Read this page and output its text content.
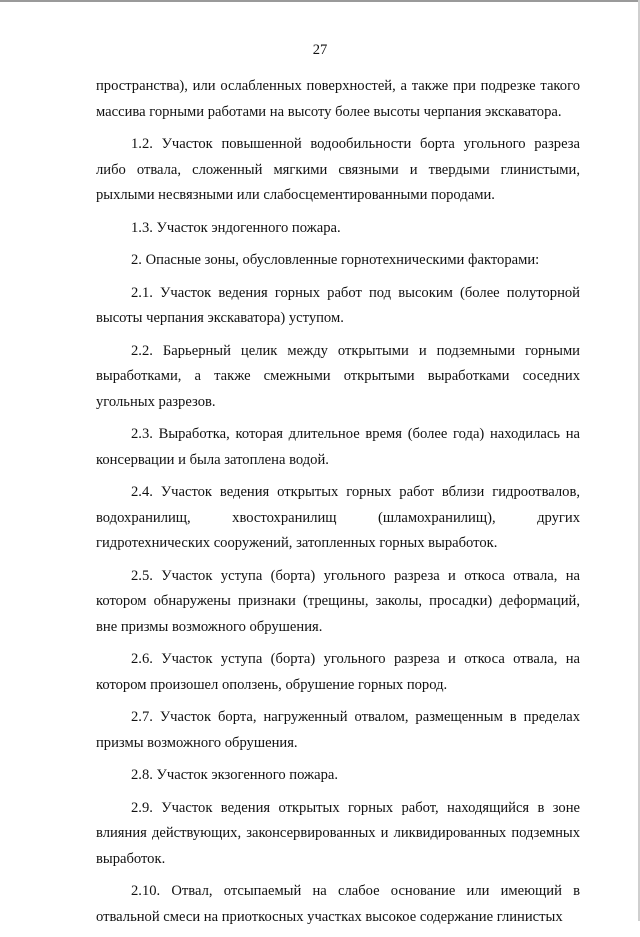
27

пространства), или ослабленных поверхностей, а также при подрезке такого массива горными работами на высоту более высоты черпания экскаватора.

1.2. Участок повышенной водообильности борта угольного разреза либо отвала, сложенный мягкими связными и твердыми глинистыми, рыхлыми несвязными или слабосцементированными породами.

1.3. Участок эндогенного пожара.

2. Опасные зоны, обусловленные горнотехническими факторами:

2.1. Участок ведения горных работ под высоким (более полуторной высоты черпания экскаватора) уступом.

2.2. Барьерный целик между открытыми и подземными горными выработками, а также смежными открытыми выработками соседних угольных разрезов.

2.3. Выработка, которая длительное время (более года) находилась на консервации и была затоплена водой.

2.4. Участок ведения открытых горных работ вблизи гидроотвалов, водохранилищ, хвостохранилищ (шламохранилищ), других гидротехнических сооружений, затопленных горных выработок.

2.5. Участок уступа (борта) угольного разреза и откоса отвала, на котором обнаружены признаки (трещины, заколы, просадки) деформаций, вне призмы возможного обрушения.

2.6. Участок уступа (борта) угольного разреза и откоса отвала, на котором произошел оползень, обрушение горных пород.

2.7. Участок борта, нагруженный отвалом, размещенным в пределах призмы возможного обрушения.

2.8. Участок экзогенного пожара.

2.9. Участок ведения открытых горных работ, находящийся в зоне влияния действующих, законсервированных и ликвидированных подземных выработок.

2.10. Отвал, отсыпаемый на слабое основание или имеющий в отвальной смеси на приоткосных участках высокое содержание глинистых
